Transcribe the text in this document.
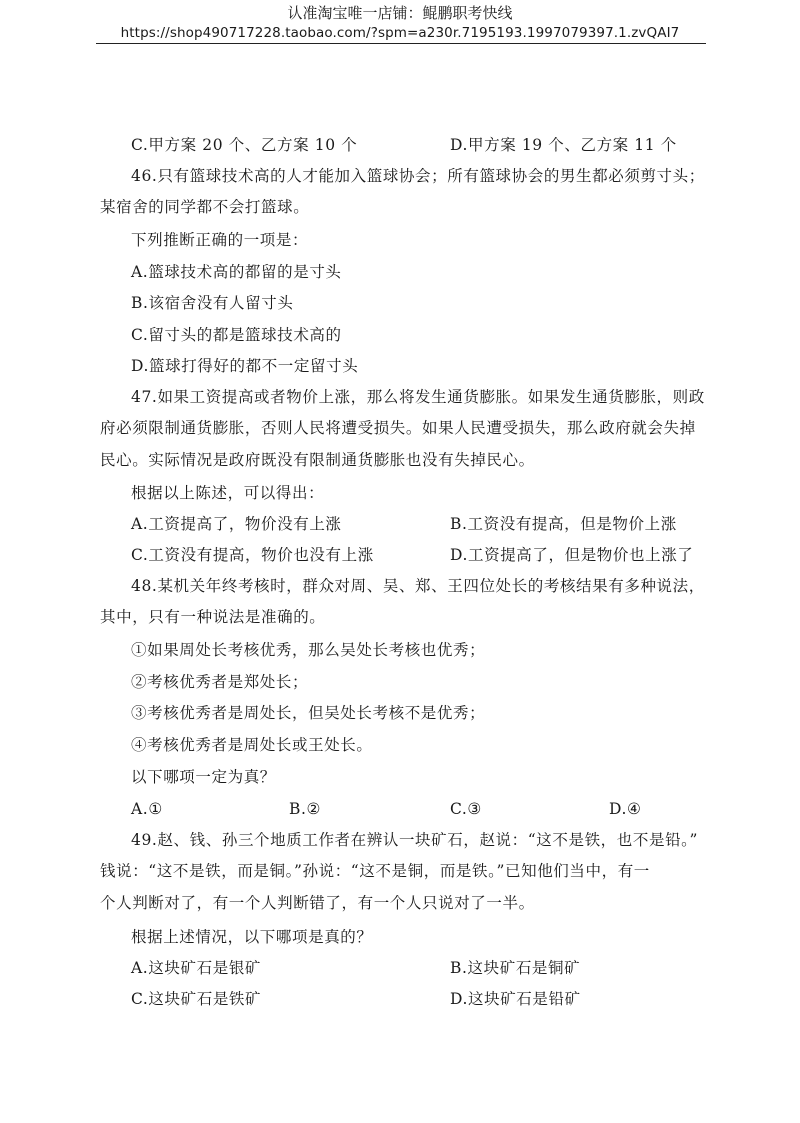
认准淘宝唯一店铺：鲲鹏职考快线
https://shop490717228.taobao.com/?spm=a230r.7195193.1997079397.1.zvQAI7
C.甲方案 20 个、乙方案 10 个	D.甲方案 19 个、乙方案 11 个
46.只有篮球技术高的人才能加入篮球协会；所有篮球协会的男生都必须剪寸头；
某宿舍的同学都不会打篮球。
下列推断正确的一项是：
A.篮球技术高的都留的是寸头
B.该宿舍没有人留寸头
C.留寸头的都是篮球技术高的
D.篮球打得好的都不一定留寸头
47.如果工资提高或者物价上涨，那么将发生通货膨胀。如果发生通货膨胀，则政
府必须限制通货膨胀，否则人民将遭受损失。如果人民遭受损失，那么政府就会失掉
民心。实际情况是政府既没有限制通货膨胀也没有失掉民心。
根据以上陈述，可以得出：
A.工资提高了，物价没有上涨	B.工资没有提高，但是物价上涨
C.工资没有提高，物价也没有上涨	D.工资提高了，但是物价也上涨了
48.某机关年终考核时，群众对周、吴、郑、王四位处长的考核结果有多种说法，
其中，只有一种说法是准确的。
①如果周处长考核优秀，那么吴处长考核也优秀；
②考核优秀者是郑处长；
③考核优秀者是周处长，但吴处长考核不是优秀；
④考核优秀者是周处长或王处长。
以下哪项一定为真？
A.①	B.②	C.③	D.④
49.赵、钱、孙三个地质工作者在辨认一块矿石，赵说：“这不是铁，也不是铅。”
钱说：“这不是铁，而是铜。”孙说：“这不是铜，而是铁。”已知他们当中，有一
个人判断对了，有一个人判断错了，有一个人只说对了一半。
根据上述情况，以下哪项是真的？
A.这块矿石是银矿	B.这块矿石是铜矿
C.这块矿石是铁矿	D.这块矿石是铅矿
